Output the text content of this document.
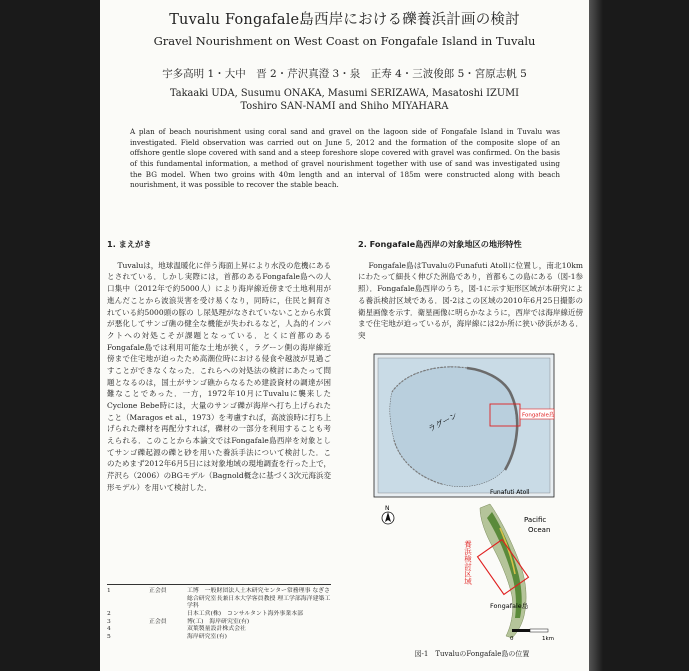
Tuvalu Fongafale島西岸における礫養浜計画の検討
Gravel Nourishment on West Coast on Fongafale Island in Tuvalu
宇多高明 1・大中　晋 2・芹沢真澄 3・泉　正寿 4・三波俊郎 5・宮原志帆 5
Takaaki UDA, Susumu ONAKA, Masumi SERIZAWA, Masatoshi IZUMI
Toshiro SAN-NAMI and Shiho MIYAHARA
A plan of beach nourishment using coral sand and gravel on the lagoon side of Fongafale Island in Tuvalu was investigated. Field observation was carried out on June 5, 2012 and the formation of the composite slope of an offshore gentle slope covered with sand and a steep foreshore slope covered with gravel was confirmed. On the basis of this fundamental information, a method of gravel nourishment together with use of sand was investigated using the BG model. When two groins with 40m length and an interval of 185m were constructed along with beach nourishment, it was possible to recover the stable beach.
1. まえがき
Tuvaluは，地球温暖化に伴う海面上昇により水没の危機にあるとされている．しかし実際には，首都のあるFongafale島への人口集中（2012年で約5000人）により海岸線近傍まで土地利用が進んだことから波浪災害を受け易くなり，同時に，住民と飼育されている約5000頭の豚の し尿処理がなされていないことから水質が悪化してサンゴ礁の健全な機能が失われるなど，人為的インパクトへの対処こそが課題となっている．とくに首都のあるFongafale島では利用可能な土地が狭く，ラグーン側の海岸線近傍まで住宅地が迫ったため高潮位時における侵食や越波が見過ごすことができなくなった．これらへの対処法の検討にあたって問題となるのは，国土がサンゴ礁からなるため建設資材の調達が困難なことであった．一方，1972年10月にTuvaluに襲来したCyclone Bebe時には，大量のサンゴ礫が海岸へ打ち上げられたこと（Maragos et al.，1973）を考慮すれば，高波浪時に打ち上げられた礫材を再配分すれば，礫材の一部分を利用することも考えられる．このことから本論文ではFongafale島西岸を対象としてサンゴ礫起源の礫と砂を用いた養浜手法について検討した．このためまず2012年6月5日には対象地域の現地調査を行った上で，芹沢ら（2006）のBGモデル（Bagnold概念に基づく3次元海浜変形モデル）を用いて検討した．
2. Fongafale島西岸の対象地区の地形特性
Fongafale島はTuvaluのFunafuti Atollに位置し，南北10kmにわたって細長く伸びた洲島であり，首都もこの島にある（図-1参照）．Fongafale島西岸のうち，図-1に示す矩形区域が本研究による養浜検討区域である．図-2はこの区域の2010年6月25日撮影の衛星画像を示す．衛星画像に明らかなように，西岸では海岸線近傍まで住宅地が迫っているが，海岸線には2か所に狭い砂浜がある．突
1	正会員	工博　 一般財団法人土木研究センター常務理事 なぎさ総合研究室長兼日本大学客員教授 理工学部海洋建築工学科
2	日本工営(株)　コンサルタント海外事業本部
3	正会員	博(工)　 海岸研究室(有)
4	双葉製量設計株式会社
5	海岸研究室(有)
ラグーン	Fongafale島
Funafuti Atoll
N
Pacific
Ocean
Fongafale島
養浜検討区域
0	1km
図-1　TuvaluのFongafale島の位置
